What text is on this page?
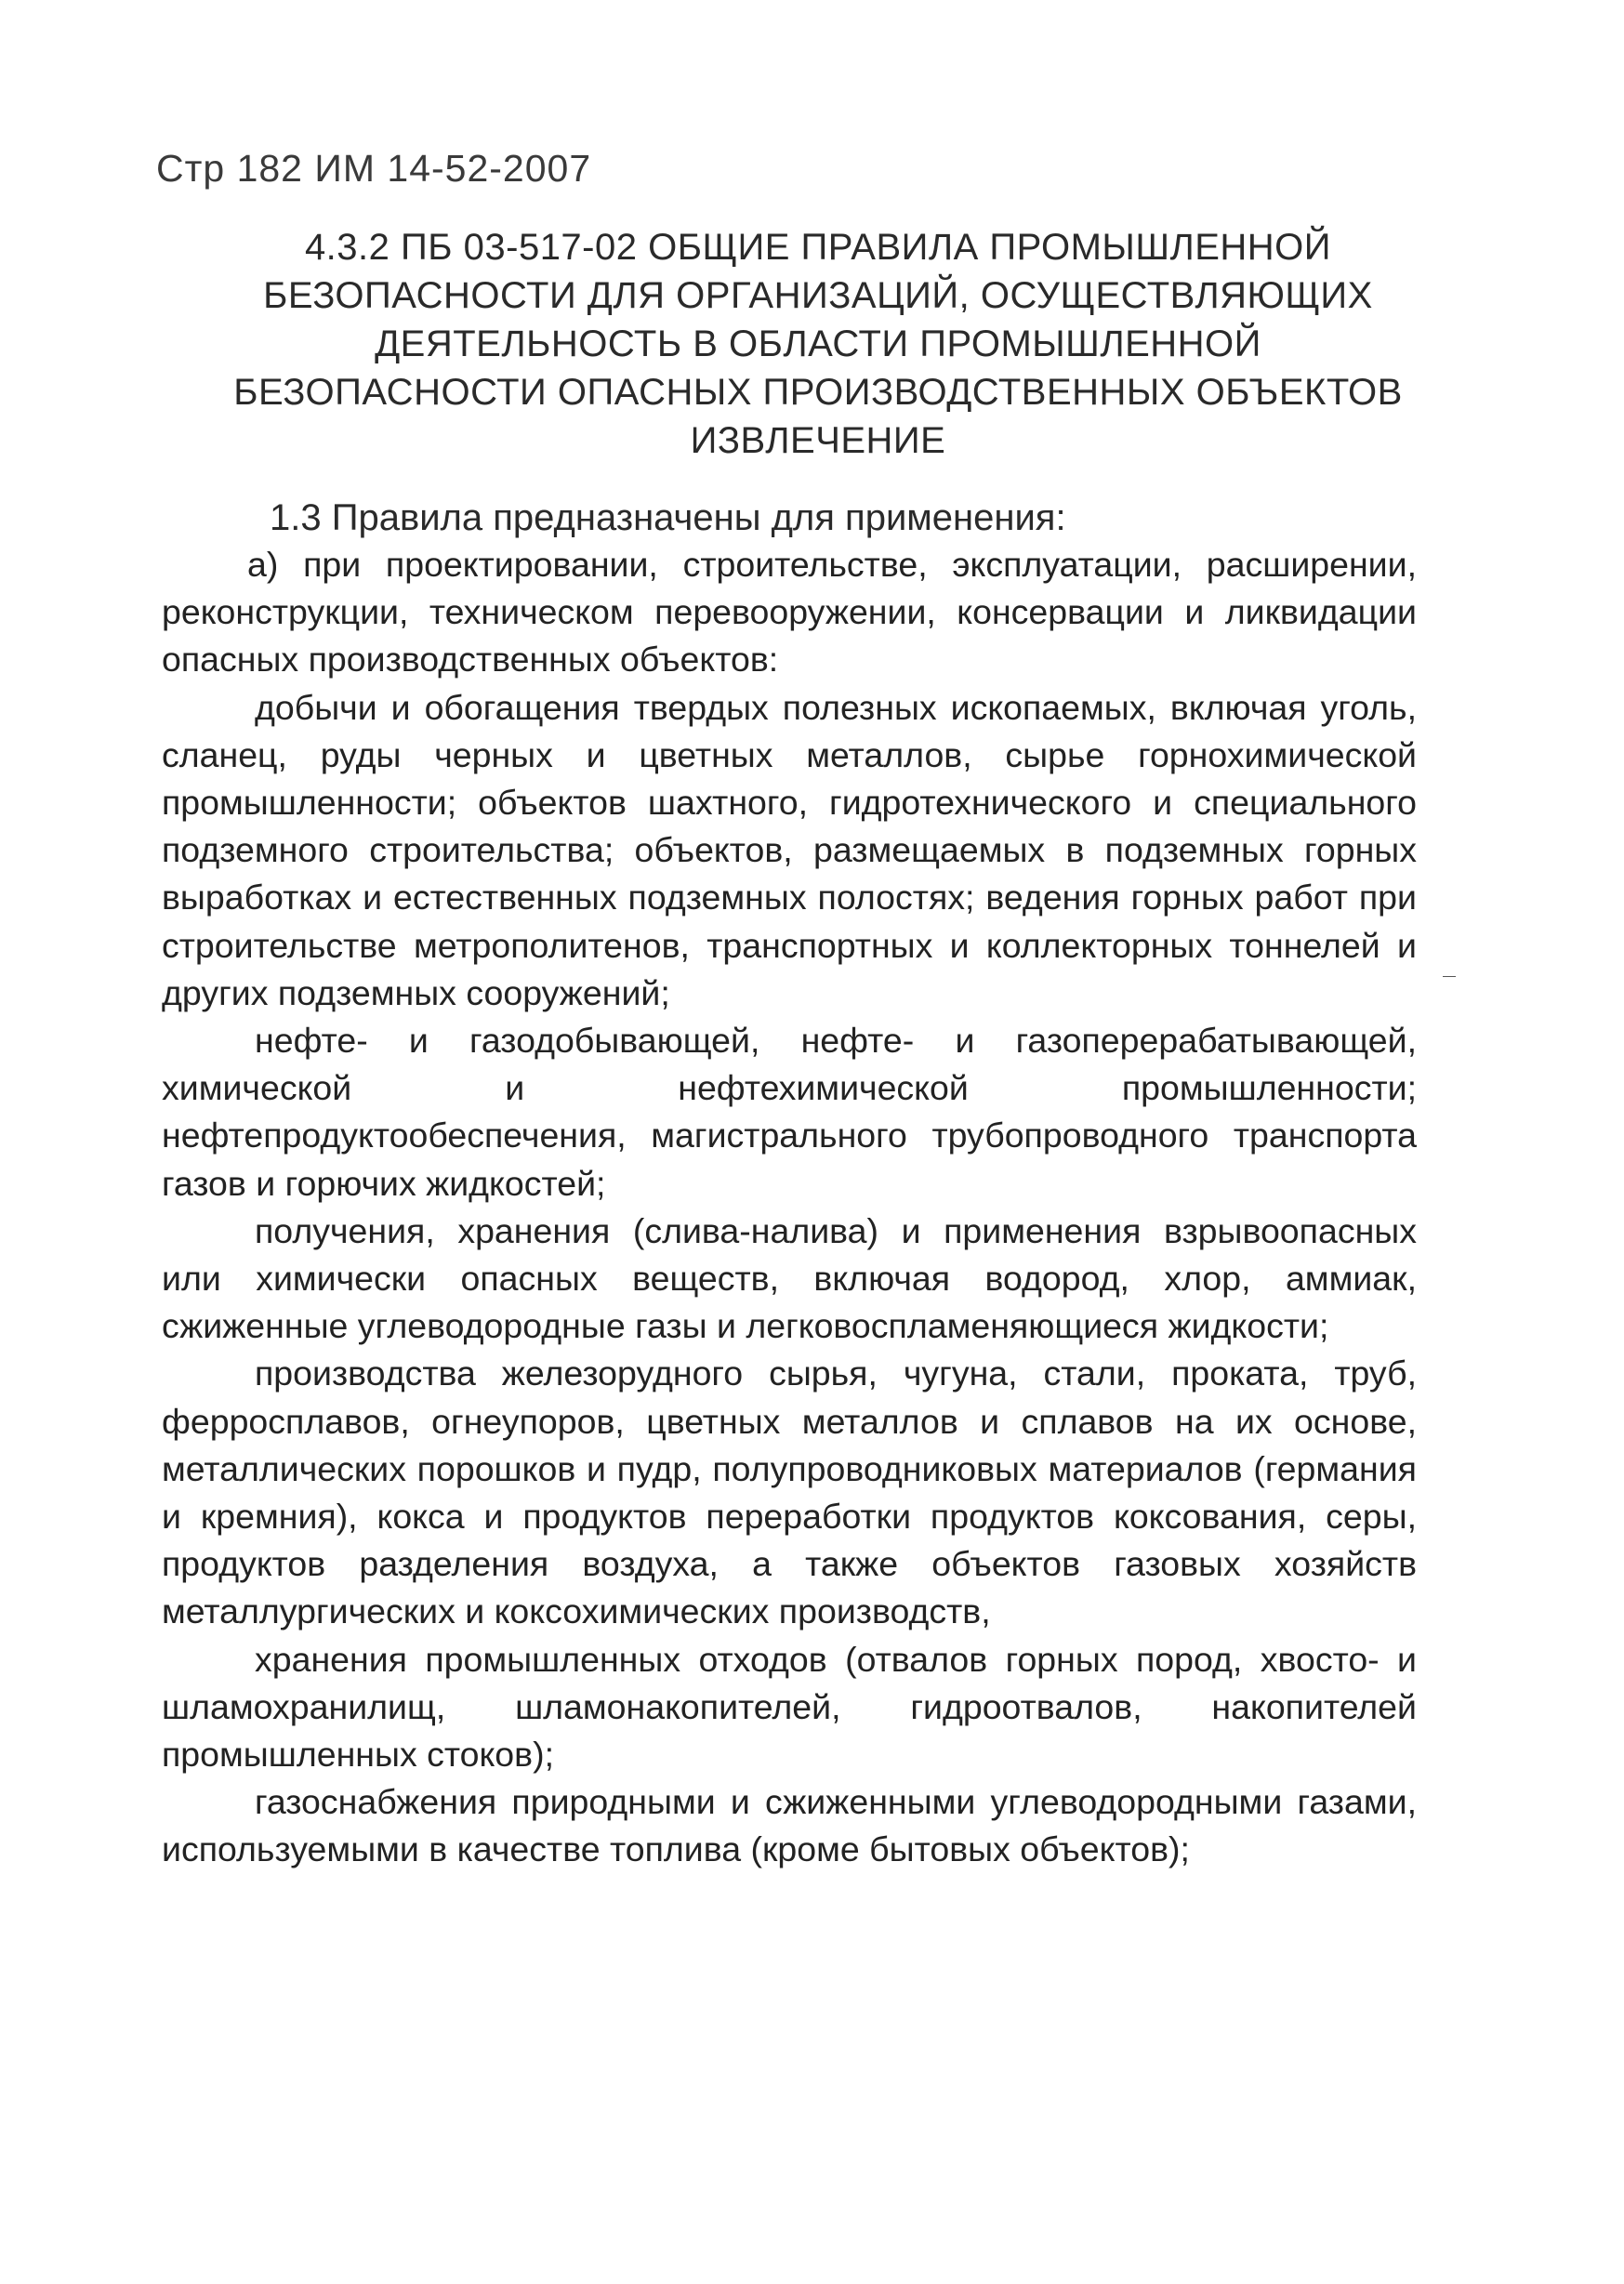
Стр 182 ИМ 14-52-2007
4.3.2 ПБ 03-517-02 ОБЩИЕ ПРАВИЛА ПРОМЫШЛЕННОЙ
БЕЗОПАСНОСТИ ДЛЯ ОРГАНИЗАЦИЙ, ОСУЩЕСТВЛЯЮЩИХ
ДЕЯТЕЛЬНОСТЬ В ОБЛАСТИ ПРОМЫШЛЕННОЙ
БЕЗОПАСНОСТИ ОПАСНЫХ ПРОИЗВОДСТВЕННЫХ ОБЪЕКТОВ
ИЗВЛЕЧЕНИЕ
1.3 Правила предназначены для применения:

а) при проектировании, строительстве, эксплуатации, расширении, реконструкции, техническом перевооружении, консервации и ликвидации опасных производственных объектов:

добычи и обогащения твердых полезных ископаемых, включая уголь, сланец, руды черных и цветных металлов, сырье горнохимической промышленности; объектов шахтного, гидротехнического и специального подземного строительства; объектов, размещаемых в подземных горных выработках и естественных подземных полостях; ведения горных работ при строительстве метрополитенов, транспортных и коллекторных тоннелей и других подземных сооружений;

нефте- и газодобывающей, нефте- и газоперерабатывающей, химической и нефтехимической промышленности; нефтепродуктообеспечения, магистрального трубопроводного транспорта газов и горючих жидкостей;

получения, хранения (слива-налива) и применения взрывоопасных или химически опасных веществ, включая водород, хлор, аммиак, сжиженные углеводородные газы и легковоспламеняющиеся жидкости;

производства железорудного сырья, чугуна, стали, проката, труб, ферросплавов, огнеупоров, цветных металлов и сплавов на их основе, металлических порошков и пудр, полупроводниковых материалов (германия и кремния), кокса и продуктов переработки продуктов коксования, серы, продуктов разделения воздуха, а также объектов газовых хозяйств металлургических и коксохимических производств,

хранения промышленных отходов (отвалов горных пород, хвосто- и шламохранилищ, шламонакопителей, гидроотвалов, накопителей промышленных стоков);

газоснабжения природными и сжиженными углеводородными газами, используемыми в качестве топлива (кроме бытовых объектов);
